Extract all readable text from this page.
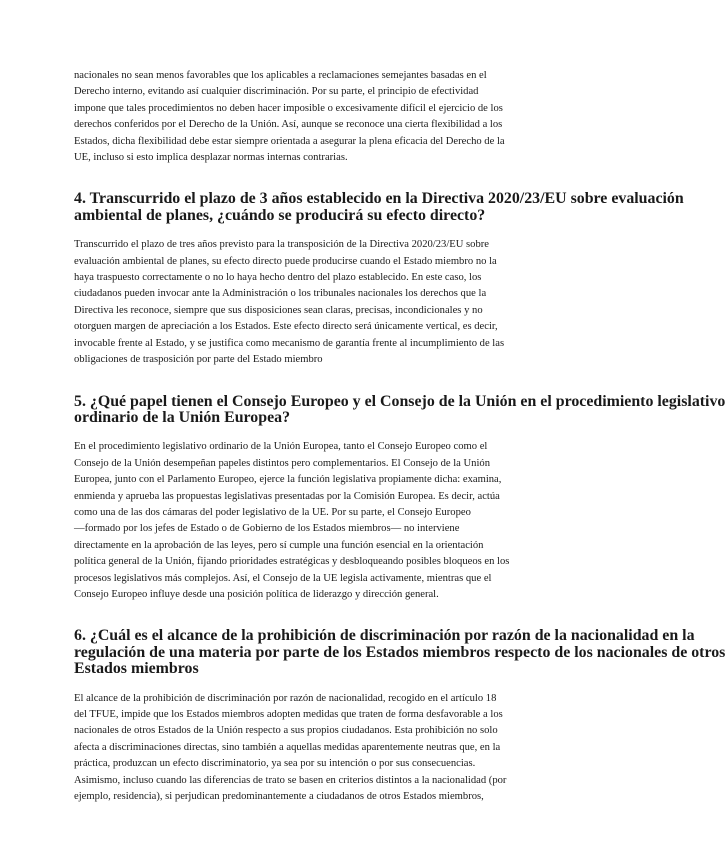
nacionales no sean menos favorables que los aplicables a reclamaciones semejantes basadas en el
Derecho interno, evitando así cualquier discriminación. Por su parte, el principio de efectividad
impone que tales procedimientos no deben hacer imposible o excesivamente difícil el ejercicio de los
derechos conferidos por el Derecho de la Unión. Así, aunque se reconoce una cierta flexibilidad a los
Estados, dicha flexibilidad debe estar siempre orientada a asegurar la plena eficacia del Derecho de la
UE, incluso si esto implica desplazar normas internas contrarias.

4. Transcurrido el plazo de 3 años establecido en la Directiva 2020/23/EU sobre evaluación
ambiental de planes, ¿cuándo se producirá su efecto directo?

Transcurrido el plazo de tres años previsto para la transposición de la Directiva 2020/23/EU sobre
evaluación ambiental de planes, su efecto directo puede producirse cuando el Estado miembro no la
haya traspuesto correctamente o no lo haya hecho dentro del plazo establecido. En este caso, los
ciudadanos pueden invocar ante la Administración o los tribunales nacionales los derechos que la
Directiva les reconoce, siempre que sus disposiciones sean claras, precisas, incondicionales y no
otorguen margen de apreciación a los Estados. Este efecto directo será únicamente vertical, es decir,
invocable frente al Estado, y se justifica como mecanismo de garantía frente al incumplimiento de las
obligaciones de trasposición por parte del Estado miembro

5. ¿Qué papel tienen el Consejo Europeo y el Consejo de la Unión en el procedimiento legislativo
ordinario de la Unión Europea?

En el procedimiento legislativo ordinario de la Unión Europea, tanto el Consejo Europeo como el
Consejo de la Unión desempeñan papeles distintos pero complementarios. El Consejo de la Unión
Europea, junto con el Parlamento Europeo, ejerce la función legislativa propiamente dicha: examina,
enmienda y aprueba las propuestas legislativas presentadas por la Comisión Europea. Es decir, actúa
como una de las dos cámaras del poder legislativo de la UE. Por su parte, el Consejo Europeo
—formado por los jefes de Estado o de Gobierno de los Estados miembros— no interviene
directamente en la aprobación de las leyes, pero sí cumple una función esencial en la orientación
política general de la Unión, fijando prioridades estratégicas y desbloqueando posibles bloqueos en los
procesos legislativos más complejos. Así, el Consejo de la UE legisla activamente, mientras que el
Consejo Europeo influye desde una posición política de liderazgo y dirección general.

6. ¿Cuál es el alcance de la prohibición de discriminación por razón de la nacionalidad en la
regulación de una materia por parte de los Estados miembros respecto de los nacionales de otros
Estados miembros

El alcance de la prohibición de discriminación por razón de nacionalidad, recogido en el artículo 18
del TFUE, impide que los Estados miembros adopten medidas que traten de forma desfavorable a los
nacionales de otros Estados de la Unión respecto a sus propios ciudadanos. Esta prohibición no solo
afecta a discriminaciones directas, sino también a aquellas medidas aparentemente neutras que, en la
práctica, produzcan un efecto discriminatorio, ya sea por su intención o por sus consecuencias.
Asimismo, incluso cuando las diferencias de trato se basen en criterios distintos a la nacionalidad (por
ejemplo, residencia), si perjudican predominantemente a ciudadanos de otros Estados miembros,
